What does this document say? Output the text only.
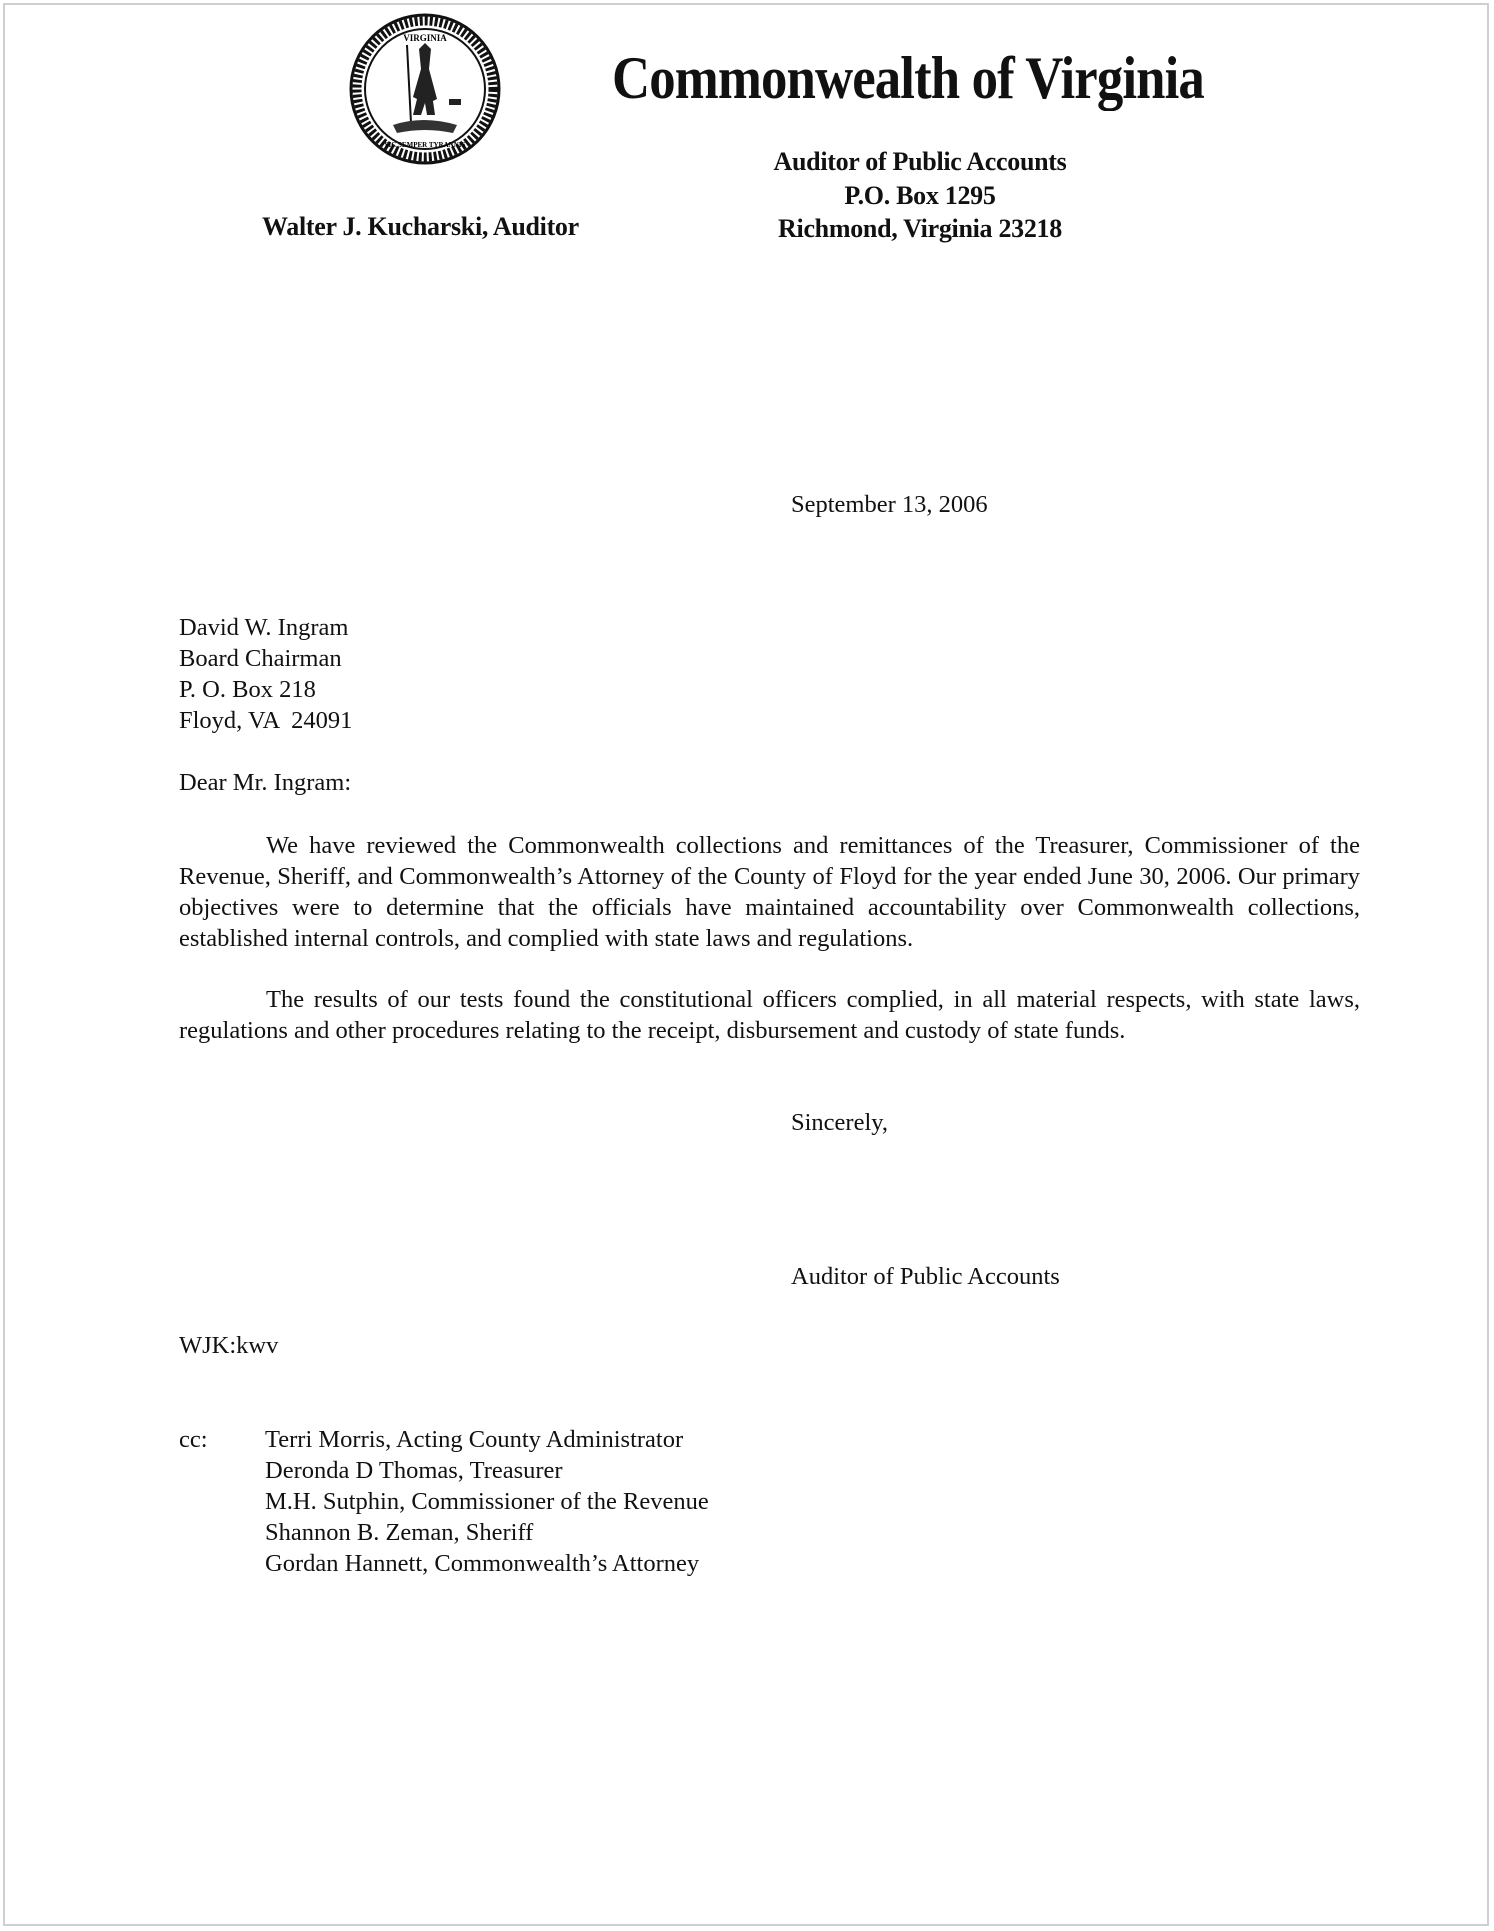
VIRGINIA
SIC SEMPER TYRANNIS
Commonwealth of Virginia
Auditor of Public Accounts
P.O. Box 1295
Richmond, Virginia 23218
Walter J. Kucharski, Auditor
September 13, 2006
David W. Ingram
Board Chairman
P. O. Box 218
Floyd, VA  24091
Dear Mr. Ingram:
We have reviewed the Commonwealth collections and remittances of the Treasurer, Commissioner of the Revenue, Sheriff, and Commonwealth’s Attorney of the County of Floyd for the year ended June 30, 2006. Our primary objectives were to determine that the officials have maintained accountability over Commonwealth collections, established internal controls, and complied with state laws and regulations.
The results of our tests found the constitutional officers complied, in all material respects, with state laws, regulations and other procedures relating to the receipt, disbursement and custody of state funds.
Sincerely,
Auditor of Public Accounts
WJK:kwv
cc: Terri Morris, Acting County Administrator
Deronda D Thomas, Treasurer
M.H. Sutphin, Commissioner of the Revenue
Shannon B. Zeman, Sheriff
Gordan Hannett, Commonwealth’s Attorney
